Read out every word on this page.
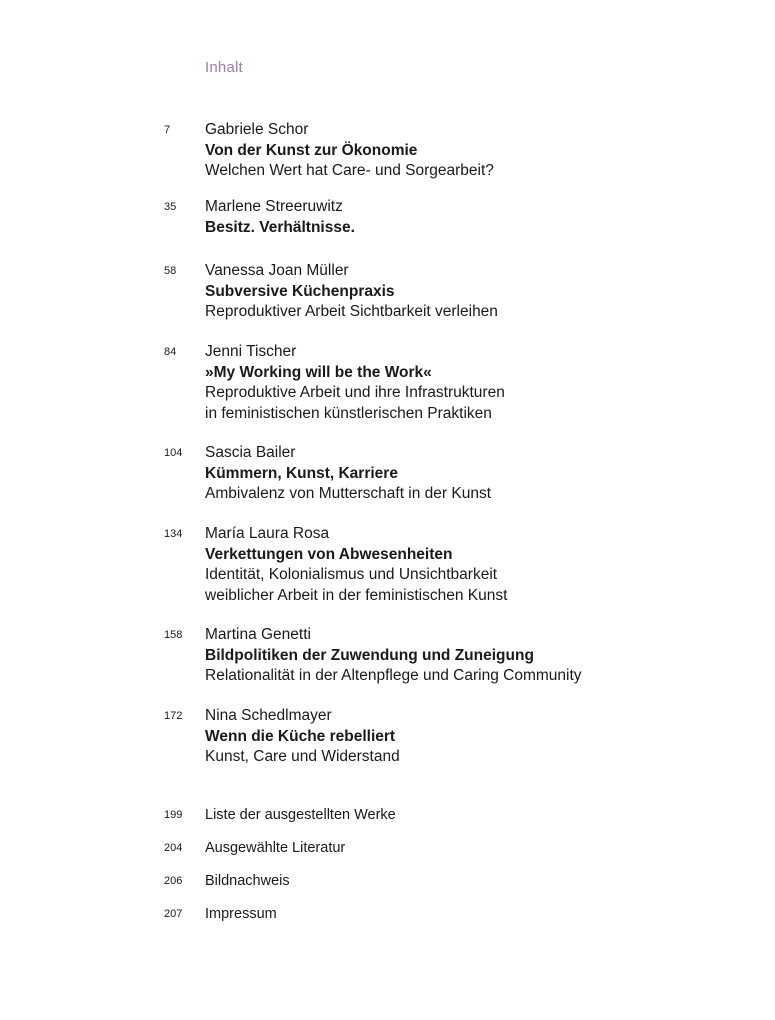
Inhalt
7 Gabriele Schor
Von der Kunst zur Ökonomie
Welchen Wert hat Care- und Sorgearbeit?
35 Marlene Streeruwitz
Besitz. Verhältnisse.
58 Vanessa Joan Müller
Subversive Küchenpraxis
Reproduktiver Arbeit Sichtbarkeit verleihen
84 Jenni Tischer
»My Working will be the Work«
Reproduktive Arbeit und ihre Infrastrukturen
in feministischen künstlerischen Praktiken
104 Sascia Bailer
Kümmern, Kunst, Karriere
Ambivalenz von Mutterschaft in der Kunst
134 María Laura Rosa
Verkettungen von Abwesenheiten
Identität, Kolonialismus und Unsichtbarkeit
weiblicher Arbeit in der feministischen Kunst
158 Martina Genetti
Bildpolitiken der Zuwendung und Zuneigung
Relationalität in der Altenpflege und Caring Community
172 Nina Schedlmayer
Wenn die Küche rebelliert
Kunst, Care und Widerstand
199 Liste der ausgestellten Werke
204 Ausgewählte Literatur
206 Bildnachweis
207 Impressum
